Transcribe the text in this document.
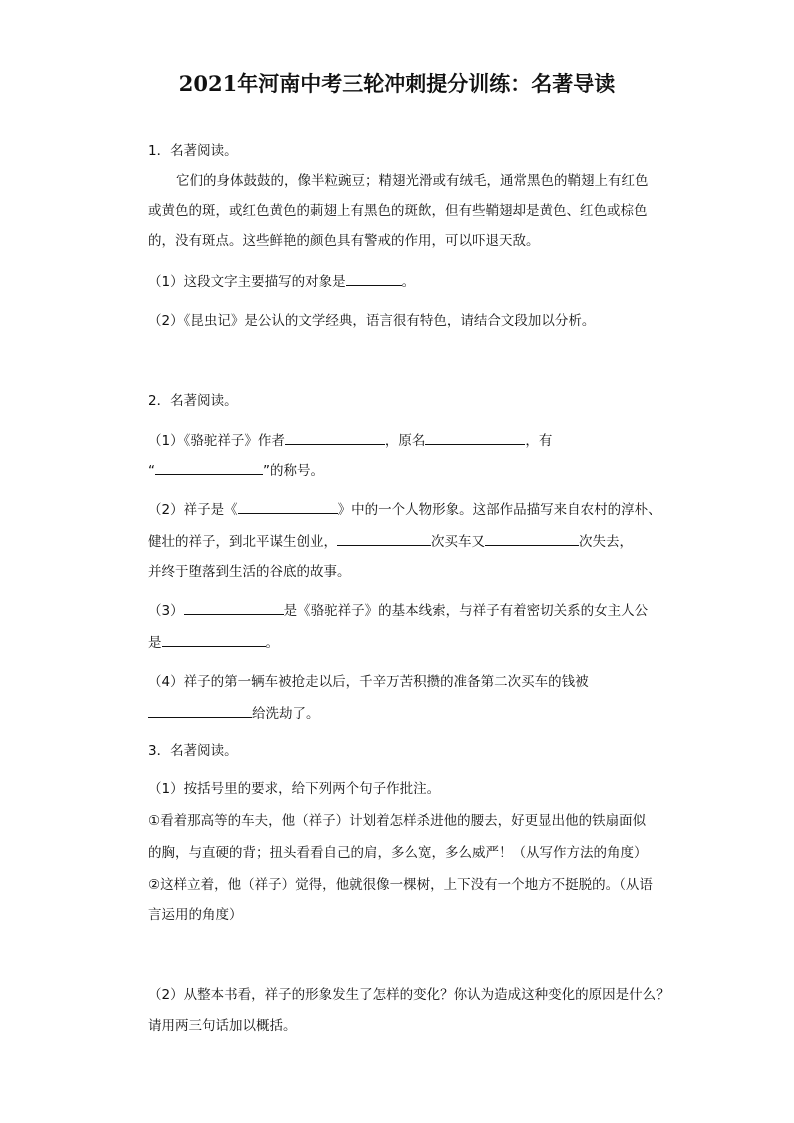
2021年河南中考三轮冲刺提分训练：名著导读
1．名著阅读。
它们的身体鼓鼓的，像半粒豌豆；精翅光滑或有绒毛，通常黑色的鞘翅上有红色
或黄色的斑，或红色黄色的莿翅上有黑色的斑飲，但有些鞘翅却是黄色、红色或棕色
的，没有斑点。这些鲜艳的颜色具有警戒的作用，可以吓退天敌。
（1）这段文字主要描写的对象是	。
（2）《昆虫记》是公认的文学经典，语言很有特色，请结合文段加以分析。
2．名著阅读。
（1）《骆驼祥子》作者	，原名	，有
“	”的称号。
（2）祥子是《	》中的一个人物形象。这部作品描写来自农村的淳朴、
健壮的祥子，到北平谋生创业，	次买车又	次失去，
并终于堕落到生活的谷底的故事。
（3）	是《骆驼祥子》的基本线索，与祥子有着密切关系的女主人公
是	。
（4）祥子的第一辆车被抢走以后，千辛万苦积攒的准备第二次买车的钱被
给洗劫了。
3．名著阅读。
（1）按括号里的要求，给下列两个句子作批注。
①看着那高等的车夫，他（祥子）计划着怎样杀进他的腰去，好更显出他的铁扇面似
的胸，与直硬的背；扭头看看自己的肩，多么宽，多么威严！（从写作方法的角度）
②这样立着，他（祥子）觉得，他就很像一棵树，上下没有一个地方不挺脱的。（从语
言运用的角度）
（2）从整本书看，祥子的形象发生了怎样的变化？你认为造成这种变化的原因是什么？
请用两三句话加以概括。
